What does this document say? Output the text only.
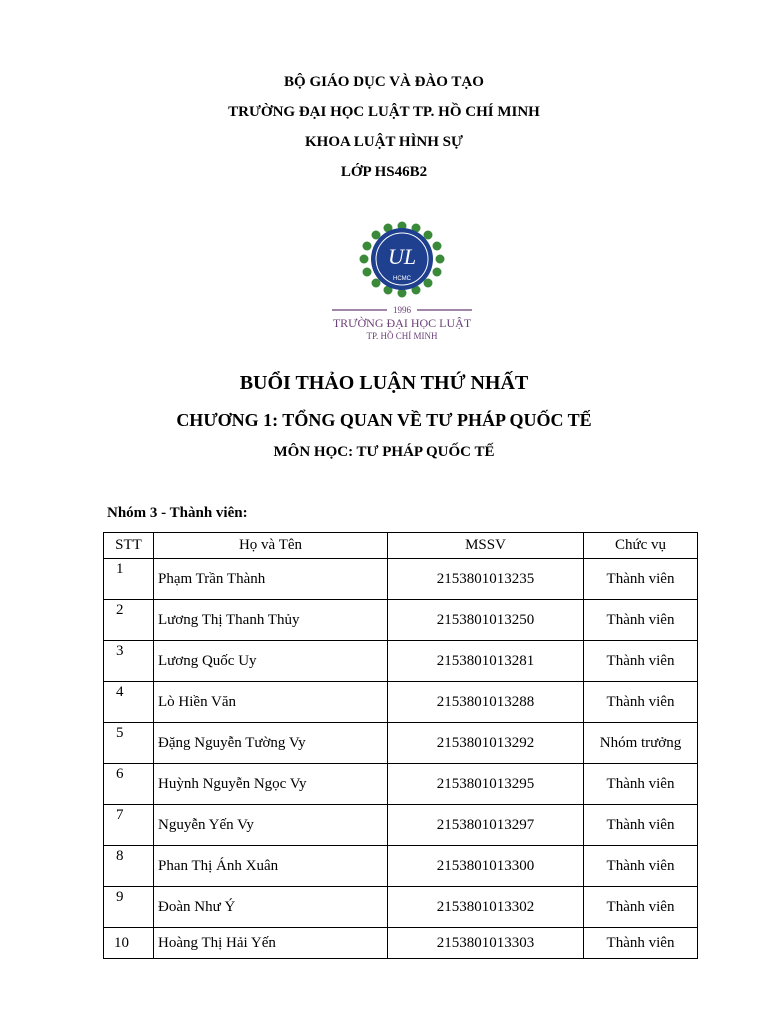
BỘ GIÁO DỤC VÀ ĐÀO TẠO
TRƯỜNG ĐẠI HỌC LUẬT TP. HỒ CHÍ MINH
KHOA LUẬT HÌNH SỰ
LỚP HS46B2
UL
HCMC
1996
TRƯỜNG ĐẠI HỌC LUẬT
TP. HỒ CHÍ MINH
BUỔI THẢO LUẬN THỨ NHẤT
CHƯƠNG 1: TỔNG QUAN VỀ TƯ PHÁP QUỐC TẾ
MÔN HỌC: TƯ PHÁP QUỐC TẾ
Nhóm 3 - Thành viên:
STT	Họ và Tên	MSSV	Chức vụ
1	Phạm Trần Thành	2153801013235	Thành viên
2	Lương Thị Thanh Thủy	2153801013250	Thành viên
3	Lương Quốc Uy	2153801013281	Thành viên
4	Lò Hiền Văn	2153801013288	Thành viên
5	Đặng Nguyễn Tường Vy	2153801013292	Nhóm trưởng
6	Huỳnh Nguyễn Ngọc Vy	2153801013295	Thành viên
7	Nguyễn Yến Vy	2153801013297	Thành viên
8	Phan Thị Ánh Xuân	2153801013300	Thành viên
9	Đoàn Như Ý	2153801013302	Thành viên
10	Hoàng Thị Hải Yến	2153801013303	Thành viên
